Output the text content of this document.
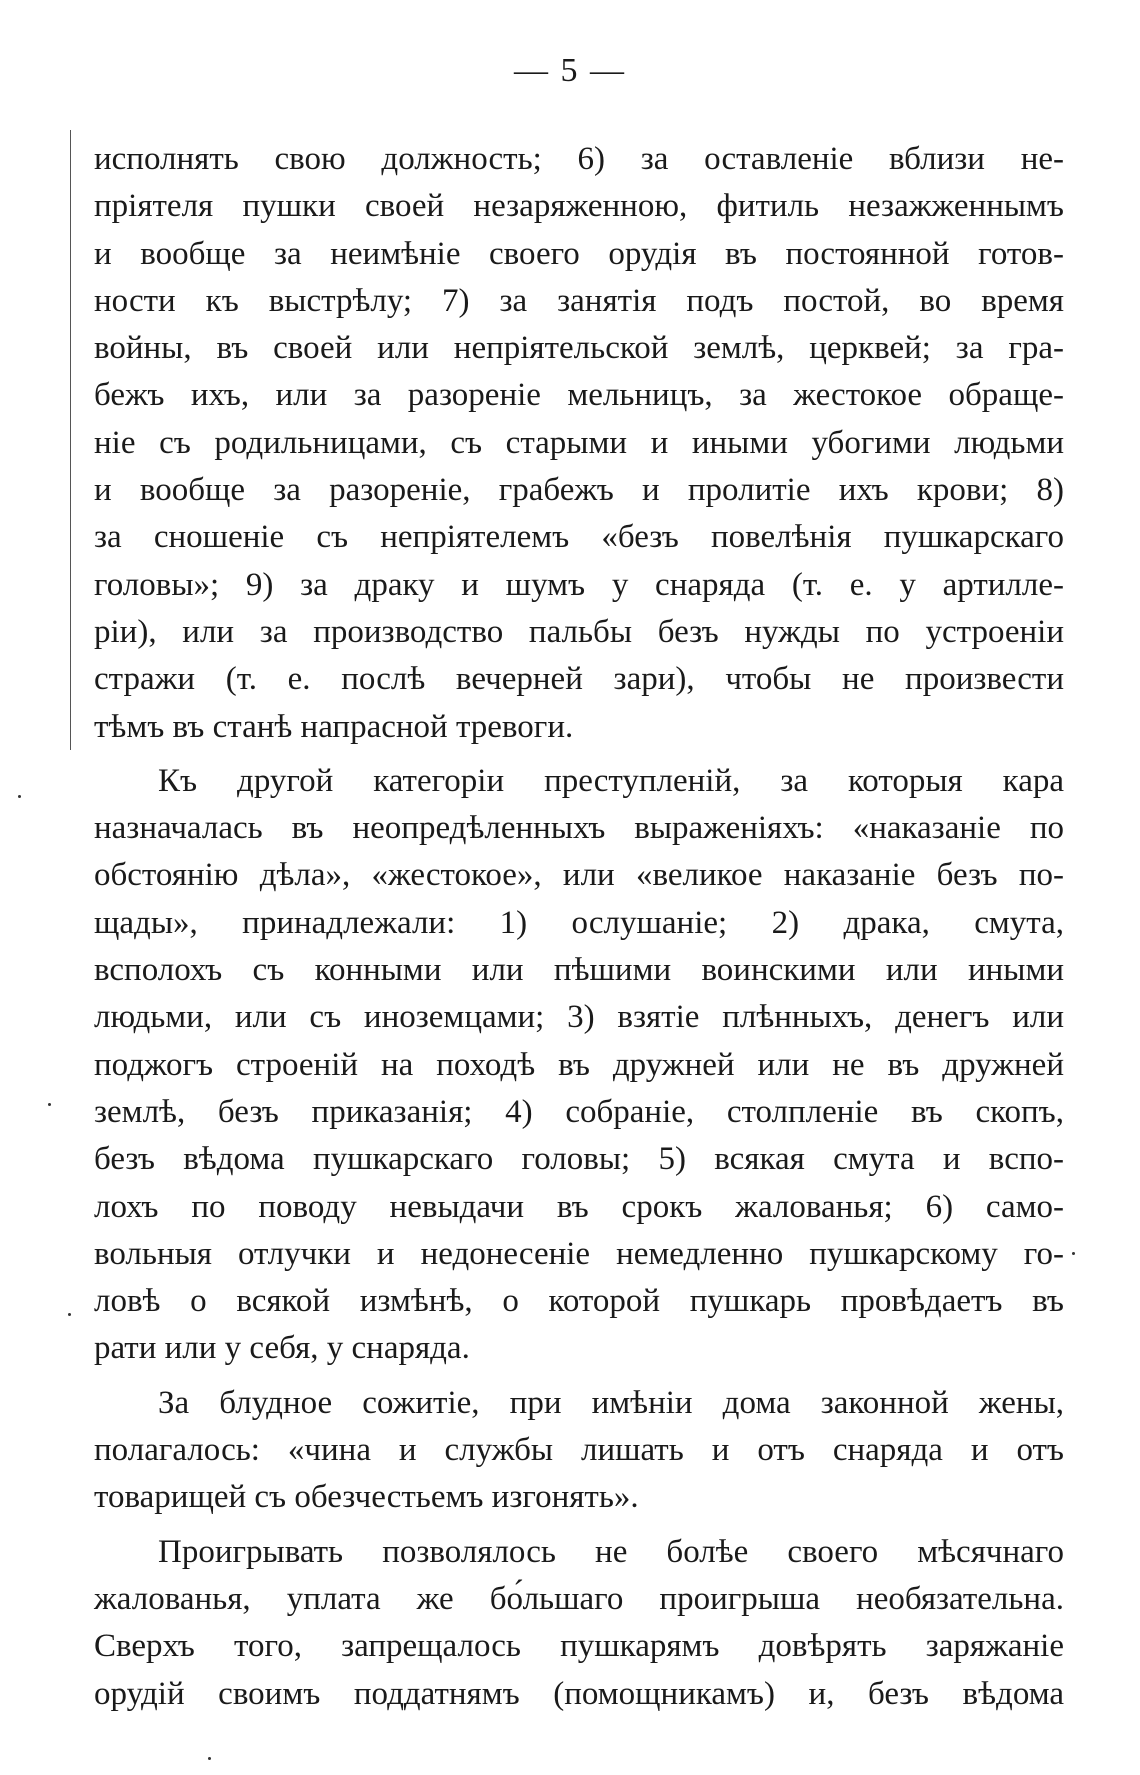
— 5 —
исполнять свою должность; 6) за оставленіе вблизи не-
пріятеля пушки своей незаряженною, фитиль незажженнымъ
и вообще за неимѣніе своего орудія въ постоянной готов-
ности къ выстрѣлу; 7) за занятія подъ постой, во время
войны, въ своей или непріятельской землѣ, церквей; за гра-
бежъ ихъ, или за разореніе мельницъ, за жестокое обраще-
ніе съ родильницами, съ старыми и иными убогими людьми
и вообще за разореніе, грабежъ и пролитіе ихъ крови; 8)
за сношеніе съ непріятелемъ «безъ повелѣнія пушкарскаго
головы»; 9) за драку и шумъ у снаряда (т. е. у артилле-
ріи), или за производство пальбы безъ нужды по устроеніи
стражи (т. е. послѣ вечерней зари), чтобы не произвести
тѣмъ въ станѣ напрасной тревоги.
Къ другой категоріи преступленій, за которыя кара
назначалась въ неопредѣленныхъ выраженіяхъ: «наказаніе по
обстоянію дѣла», «жестокое», или «великое наказаніе безъ по-
щады», принадлежали: 1) ослушаніе; 2) драка, смута,
всполохъ съ конными или пѣшими воинскими или иными
людьми, или съ иноземцами; 3) взятіе плѣнныхъ, денегъ или
поджогъ строеній на походѣ въ дружней или не въ дружней
землѣ, безъ приказанія; 4) собраніе, столпленіе въ скопъ,
безъ вѣдома пушкарскаго головы; 5) всякая смута и вспо-
лохъ по поводу невыдачи въ срокъ жалованья; 6) само-
вольныя отлучки и недонесеніе немедленно пушкарскому го-
ловѣ о всякой измѣнѣ, о которой пушкарь провѣдаетъ въ
рати или у себя, у снаряда.
За блудное сожитіе, при имѣніи дома законной жены,
полагалось: «чина и службы лишать и отъ снаряда и отъ
товарищей съ обезчестьемъ изгонять».
Проигрывать позволялось не болѣе своего мѣсячнаго
жалованья, уплата же бо́льшаго проигрыша необязательна.
Сверхъ того, запрещалось пушкарямъ довѣрять заряжаніе
орудій своимъ поддатнямъ (помощникамъ) и, безъ вѣдома
